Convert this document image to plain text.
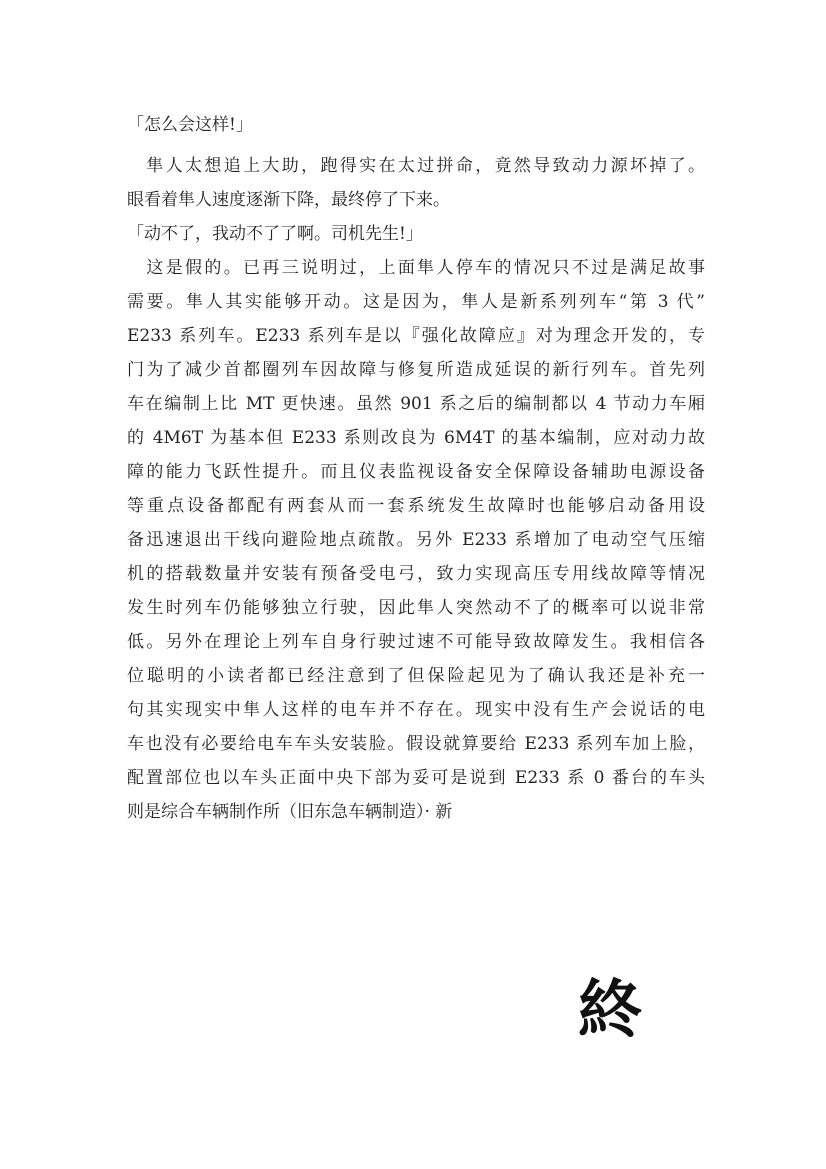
「怎么会这样!」
　隼人太想追上大助，跑得实在太过拼命，竟然导致动力源坏掉了。
眼看着隼人速度逐渐下降，最终停了下来。
「动不了，我动不了了啊。司机先生!」
　这是假的。已再三说明过，上面隼人停车的情况只不过是满足故事
需要。隼人其实能够开动。这是因为，隼人是新系列列车“第 3 代”
E233 系列车。E233 系列车是以『强化故障应』对为理念开发的，专
门为了减少首都圈列车因故障与修复所造成延误的新行列车。首先列
车在编制上比 MT 更快速。虽然 901 系之后的编制都以 4 节动力车厢
的 4M6T 为基本但 E233 系则改良为 6M4T 的基本编制，应对动力故
障的能力飞跃性提升。而且仪表监视设备安全保障设备辅助电源设备
等重点设备都配有两套从而一套系统发生故障时也能够启动备用设
备迅速退出干线向避险地点疏散。另外 E233 系增加了电动空气压缩
机的搭载数量并安装有预备受电弓，致力实现高压专用线故障等情况
发生时列车仍能够独立行驶，因此隼人突然动不了的概率可以说非常
低。另外在理论上列车自身行驶过速不可能导致故障发生。我相信各
位聪明的小读者都已经注意到了但保险起见为了确认我还是补充一
句其实现实中隼人这样的电车并不存在。现实中没有生产会说话的电
车也没有必要给电车车头安装脸。假设就算要给 E233 系列车加上脸，
配置部位也以车头正面中央下部为妥可是说到 E233 系 0 番台的车头
则是综合车辆制作所（旧东急车辆制造）· 新
終
